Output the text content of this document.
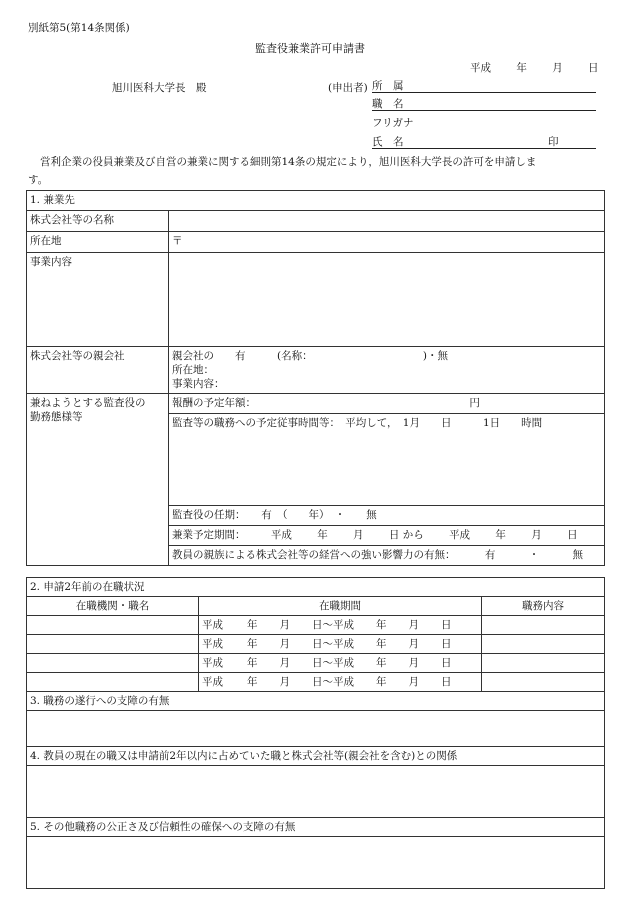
別紙第5(第14条関係)
監査役兼業許可申請書
平成 年 月 日
旭川医科大学長　殿	(申出者) 所　属
職　名
フリガナ
氏　名	印
営利企業の役員兼業及び自営の兼業に関する細則第14条の規定により，旭川医科大学長の許可を申請しま
す。
1. 兼業先	
株式会社等の名称	
所在地	〒
事業内容	
株式会社等の親会社	親会社の　　有　　　(名称：　　　　　　　　　　　)・無
所在地：
事業内容：

兼ねようとする監査役の
勤務態様等	報酬の予定年額： 円
	監査等の職務への予定従事時間等：　平均して，　1月　　日　　　1日　　時間
	監査役の任期：　　有　（　　年）　・　　無
	兼業予定期間： 平成 年 月 日 から 平成 年 月 日
	教員の親族による株式会社等の経営への強い影響力の有無： 有 ・ 無
2. 申請2年前の在職状況		
在職機関・職名	在職期間	職務内容
	平成 年 月 日～平成 年 月 日	
	平成 年 月 日～平成 年 月 日	
	平成 年 月 日～平成 年 月 日	
	平成 年 月 日～平成 年 月 日	
3. 職務の遂行への支障の有無

4. 教員の現在の職又は申請前2年以内に占めていた職と株式会社等(親会社を含む)との関係

5. その他職務の公正さ及び信頼性の確保への支障の有無
